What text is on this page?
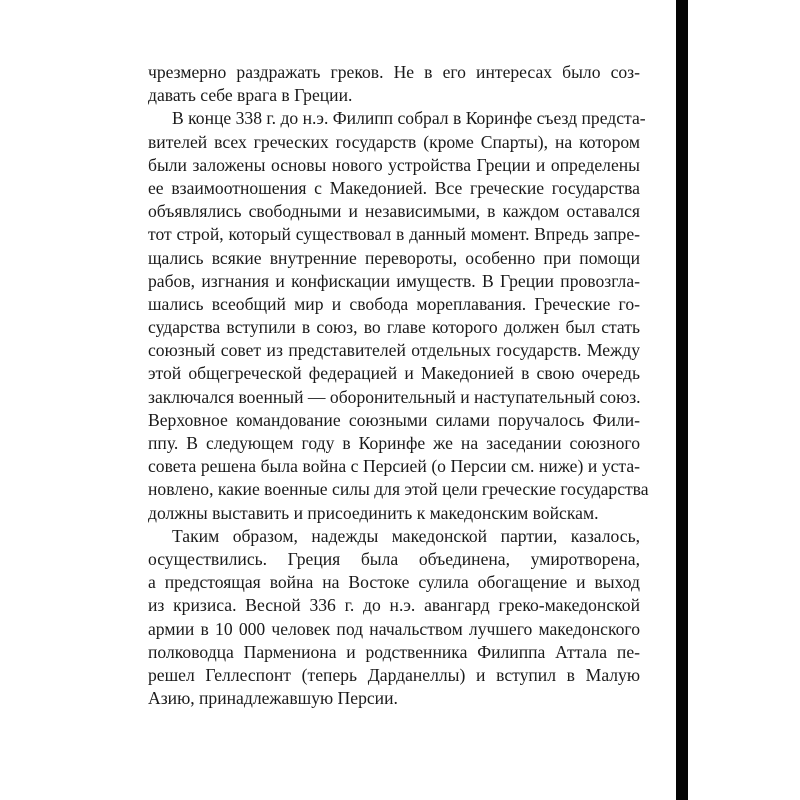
чрезмерно раздражать греков. Не в его интересах было соз-
давать себе врага в Греции.
В конце 338 г. до н.э. Филипп собрал в Коринфе съезд предста-
вителей всех греческих государств (кроме Спарты), на котором
были заложены основы нового устройства Греции и определены
ее взаимоотношения с Македонией. Все греческие государства
объявлялись свободными и независимыми, в каждом оставался
тот строй, который существовал в данный момент. Впредь запре-
щались всякие внутренние перевороты, особенно при помощи
рабов, изгнания и конфискации имуществ. В Греции провозгла-
шались всеобщий мир и свобода мореплавания. Греческие го-
сударства вступили в союз, во главе которого должен был стать
союзный совет из представителей отдельных государств. Между
этой общегреческой федерацией и Македонией в свою очередь
заключался военный — оборонительный и наступательный союз.
Верховное командование союзными силами поручалось Фили-
ппу. В следующем году в Коринфе же на заседании союзного
совета решена была война с Персией (о Персии см. ниже) и уста-
новлено, какие военные силы для этой цели греческие государства
должны выставить и присоединить к македонским войскам.
Таким образом, надежды македонской партии, казалось,
осуществились. Греция была объединена, умиротворена,
а предстоящая война на Востоке сулила обогащение и выход
из кризиса. Весной 336 г. до н.э. авангард греко-македонской
армии в 10 000 человек под начальством лучшего македонского
полководца Пармениона и родственника Филиппа Аттала пе-
решел Геллеспонт (теперь Дарданеллы) и вступил в Малую
Азию, принадлежавшую Персии.
